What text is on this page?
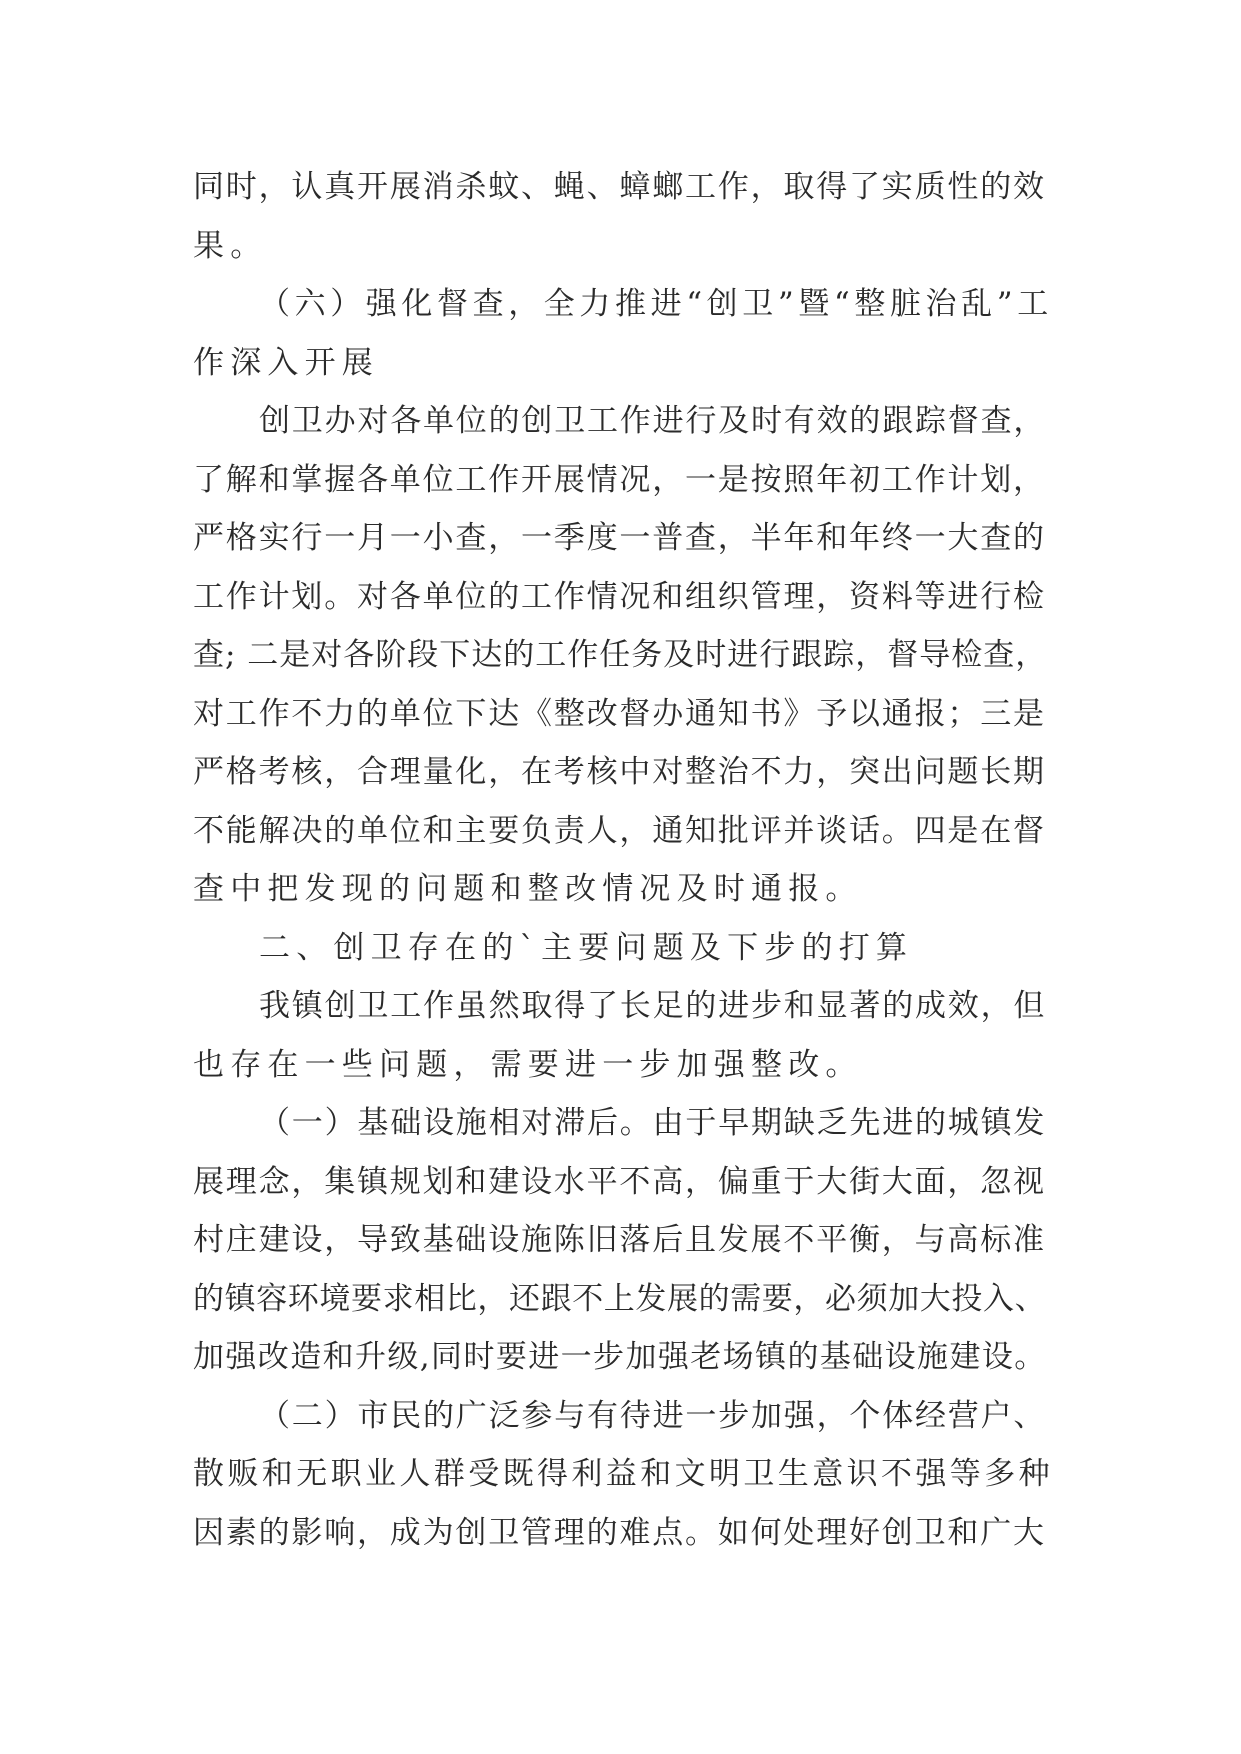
同时，认真开展消杀蚊、蝇、蟑螂工作，取得了实质性的效
果。
（六）强化督查，全力推进“创卫”暨“整脏治乱”工
作深入开展
创卫办对各单位的创卫工作进行及时有效的跟踪督查，
了解和掌握各单位工作开展情况，一是按照年初工作计划，
严格实行一月一小查，一季度一普查，半年和年终一大查的
工作计划。对各单位的工作情况和组织管理，资料等进行检
查; 二是对各阶段下达的工作任务及时进行跟踪，督导检查，
对工作不力的单位下达《整改督办通知书》予以通报；三是
严格考核，合理量化，在考核中对整治不力，突出问题长期
不能解决的单位和主要负责人，通知批评并谈话。四是在督
查中把发现的问题和整改情况及时通报。
二、创卫存在的`主要问题及下步的打算
我镇创卫工作虽然取得了长足的进步和显著的成效，但
也存在一些问题，需要进一步加强整改。
（一）基础设施相对滞后。由于早期缺乏先进的城镇发
展理念，集镇规划和建设水平不高，偏重于大街大面，忽视
村庄建设，导致基础设施陈旧落后且发展不平衡，与高标准
的镇容环境要求相比，还跟不上发展的需要，必须加大投入、
加强改造和升级,同时要进一步加强老场镇的基础设施建设。
（二）市民的广泛参与有待进一步加强，个体经营户、
散贩和无职业人群受既得利益和文明卫生意识不强等多种
因素的影响，成为创卫管理的难点。如何处理好创卫和广大
